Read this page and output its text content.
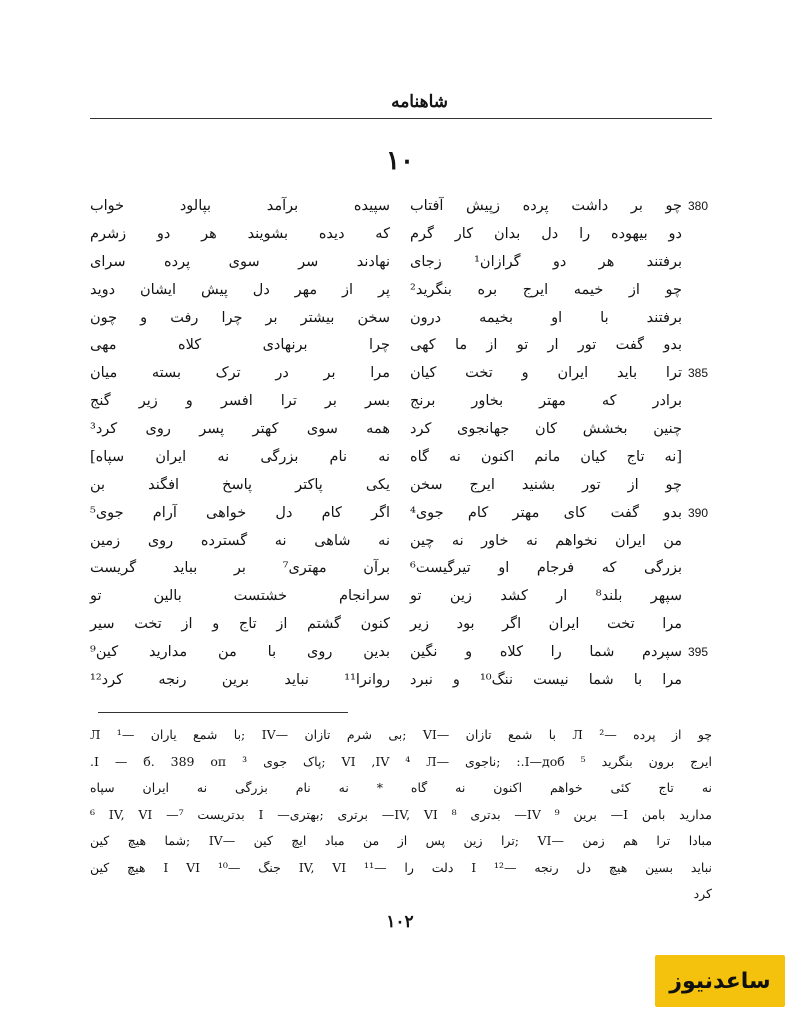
شاهنامه
۱۰
چو بر داشت پرده زپیش آفتاب
دو بیهوده را دل بدان کار گرم
برفتند هر دو گرازان¹ زجای
چو از خیمه ایرج بره بنگرید²
برفتند با او بخیمه درون
بدو گفت تور ار تو از ما کهی
ترا باید ایران و تخت کیان
برادر که مهتر بخاور برنج
چنین بخشش کان جهانجوی کرد
[نه تاج کیان مانم اکنون نه گاه
چو از تور بشنید ایرج سخن
بدو گفت کای مهتر کام جوی⁴
من ایران نخواهم نه خاور نه چین
بزرگی که فرجام او تیرگیست⁶
سپهر بلند⁸ ار کشد زین تو
مرا تخت ایران اگر بود زیر
سپردم شما را کلاه و نگین
مرا با شما نیست ننگ¹⁰ و نبرد
سپیده برآمد بپالود خواب
که دیده بشویند هر دو زشرم
نهادند سر سوی پرده سرای
پر از مهر دل پیش ایشان دوید
سخن بیشتر بر چرا رفت و چون
چرا برنهادی کلاه مهی
مرا بر در ترک بسته میان
بسر بر ترا افسر و زیر گنج
همه سوی کهتر پسر روی کرد³
نه نام بزرگی نه ایران سپاه]
یکی پاکتر پاسخ افگند بن
اگر کام دل خواهی آرام جوی⁵
نه شاهی نه گسترده روی زمین
برآن مهتری⁷ بر بباید گریست
سرانجام خشتست بالین تو
کنون گشتم از تاج و از تخت سیر
بدین روی با من مدارید کین⁹
روانرا¹¹ نباید برین رنجه کرد¹²
380
385
390
395
چو از پرده —Л ² با شمع تازان —VI ;بی شرم تازان —IV ;با شمع یاران —Л ¹
ایرج برون بنگرید ⁵ I—доб.: ;ناجوی —VI ,IV ⁴ Л ;پاک جوی ³ I — б. 389 оп.
نه تاج کئی خواهم اکنون نه گاه * نه نام بزرگی نه ایران سپاه
⁶ IV, VI —بدتریست ⁷ I —برتری ;بهتری —IV, VI ⁸ بدتری —IV ⁹ برین —I مدارید بامن
مبادا ترا هم زمن —VI ;ترا زین پس از من مباد ایچ کین —IV ;شما هیچ کین
نباید بسین هیچ دل رنجه —I ¹² دلت را —IV, VI ¹¹ جنگ —I VI ¹⁰ هیچ کین
کرد
۱۰۲
ساعدنیوز
